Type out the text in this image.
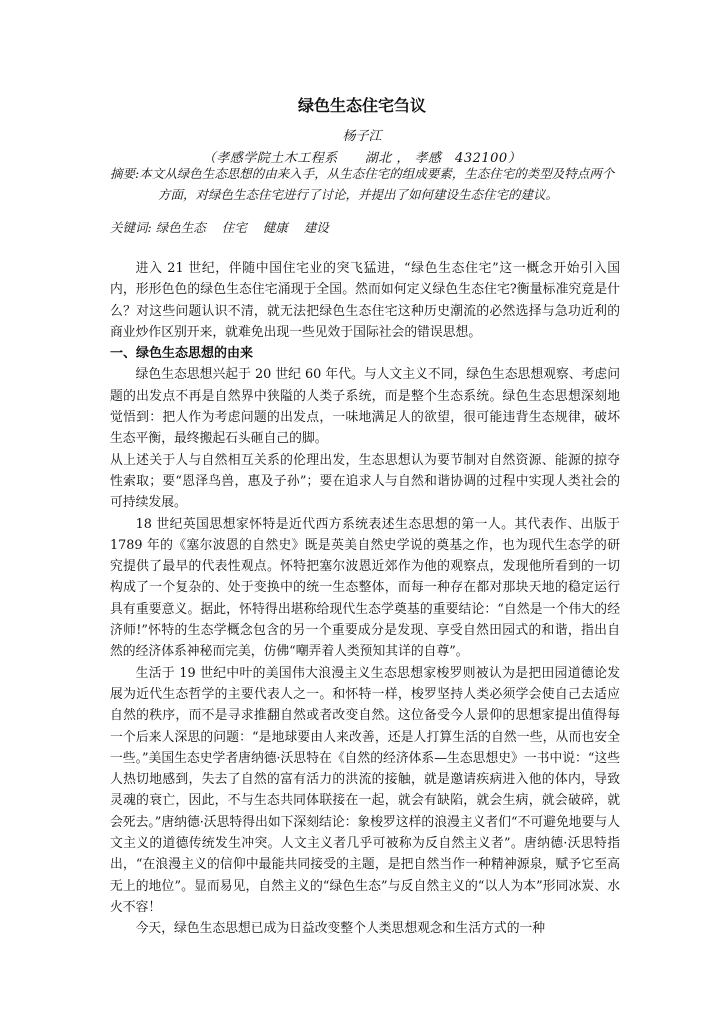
绿色生态住宅刍议
杨子江
（孝感学院土木工程系　　湖北 ， 孝感　432100）
摘要:本文从绿色生态思想的由来入手，从生态住宅的组成要素，生态住宅的类型及特点两个方面，对绿色生态住宅进行了讨论，并提出了如何建设生态住宅的建议。
关键词: 绿色生态 住宅 健康 建设

进入 21 世纪，伴随中国住宅业的突飞猛进，“绿色生态住宅”这一概念开始引入国内，形形色色的绿色生态住宅涌现于全国。然而如何定义绿色生态住宅?衡量标准究竟是什么？对这些问题认识不清，就无法把绿色生态住宅这种历史潮流的必然选择与急功近利的商业炒作区别开来，就难免出现一些见效于国际社会的错误思想。

一、绿色生态思想的由来

绿色生态思想兴起于 20 世纪 60 年代。与人文主义不同，绿色生态思想观察、考虑问题的出发点不再是自然界中狭隘的人类子系统，而是整个生态系统。绿色生态思想深刻地觉悟到：把人作为考虑问题的出发点，一味地满足人的欲望，很可能违背生态规律，破坏生态平衡，最终搬起石头砸自己的脚。

从上述关于人与自然相互关系的伦理出发，生态思想认为要节制对自然资源、能源的掠夺性索取；要“恩泽鸟兽，惠及子孙”；要在追求人与自然和谐协调的过程中实现人类社会的可持续发展。

18 世纪英国思想家怀特是近代西方系统表述生态思想的第一人。其代表作、出版于 1789 年的《塞尔波恩的自然史》既是英美自然史学说的奠基之作，也为现代生态学的研究提供了最早的代表性观点。怀特把塞尔波恩近郊作为他的观察点，发现他所看到的一切构成了一个复杂的、处于变换中的统一生态整体，而每一种存在都对那块天地的稳定运行具有重要意义。据此，怀特得出堪称给现代生态学奠基的重要结论：“自然是一个伟大的经济师!”怀特的生态学概念包含的另一个重要成分是发现、享受自然田园式的和谐，指出自然的经济体系神秘而完美，仿佛“嘲弄着人类预知其详的自尊”。

生活于 19 世纪中叶的美国伟大浪漫主义生态思想家梭罗则被认为是把田园道德论发展为近代生态哲学的主要代表人之一。和怀特一样，梭罗坚持人类必须学会使自己去适应自然的秩序，而不是寻求推翻自然或者改变自然。这位备受今人景仰的思想家提出值得每一个后来人深思的问题：“是地球要由人来改善，还是人打算生活的自然一些，从而也安全一些。”美国生态史学者唐纳德·沃思特在《自然的经济体系—生态思想史》一书中说：“这些人热切地感到，失去了自然的富有活力的洪流的接触，就是邀请疾病进入他的体内，导致灵魂的衰亡，因此，不与生态共同体联接在一起，就会有缺陷，就会生病，就会破碎，就会死去。”唐纳德·沃思特得出如下深刻结论：象梭罗这样的浪漫主义者们“不可避免地要与人文主义的道德传统发生冲突。人文主义者几乎可被称为反自然主义者”。唐纳德·沃思特指出，“在浪漫主义的信仰中最能共同接受的主题，是把自然当作一种精神源泉，赋予它至高无上的地位”。显而易见，自然主义的“绿色生态”与反自然主义的“以人为本”形同冰炭、水火不容！

今天，绿色生态思想已成为日益改变整个人类思想观念和生活方式的一种
